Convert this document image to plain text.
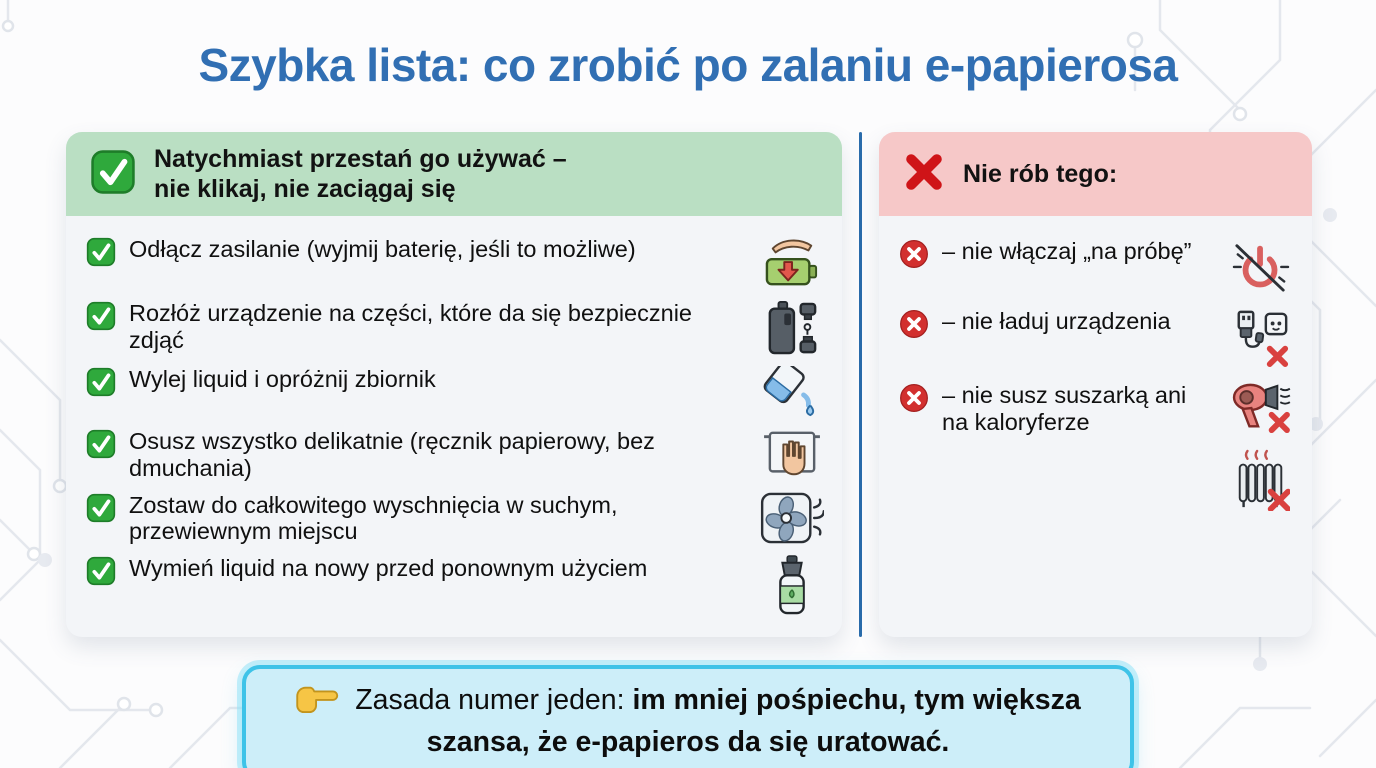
Szybka lista: co zrobić po zalaniu e-papierosa
Natychmiast przestań go używać –
nie klikaj, nie zaciągaj się

Odłącz zasilanie (wyjmij baterię, jeśli to możliwe)

Rozłóż urządzenie na części, które da się bezpiecznie zdjąć

Wylej liquid i opróżnij zbiornik

Osusz wszystko delikatnie (ręcznik papierowy, bez dmuchania)

Zostaw do całkowitego wyschnięcia w suchym, przewiewnym miejscu

Wymień liquid na nowy przed ponownym użyciem

Nie rób tego:

– nie włączaj „na próbę”

– nie ładuj urządzenia

– nie susz suszarką ani na kaloryferze

Zasada numer jeden: im mniej pośpiechu, tym większa szansa, że e-papieros da się uratować.
